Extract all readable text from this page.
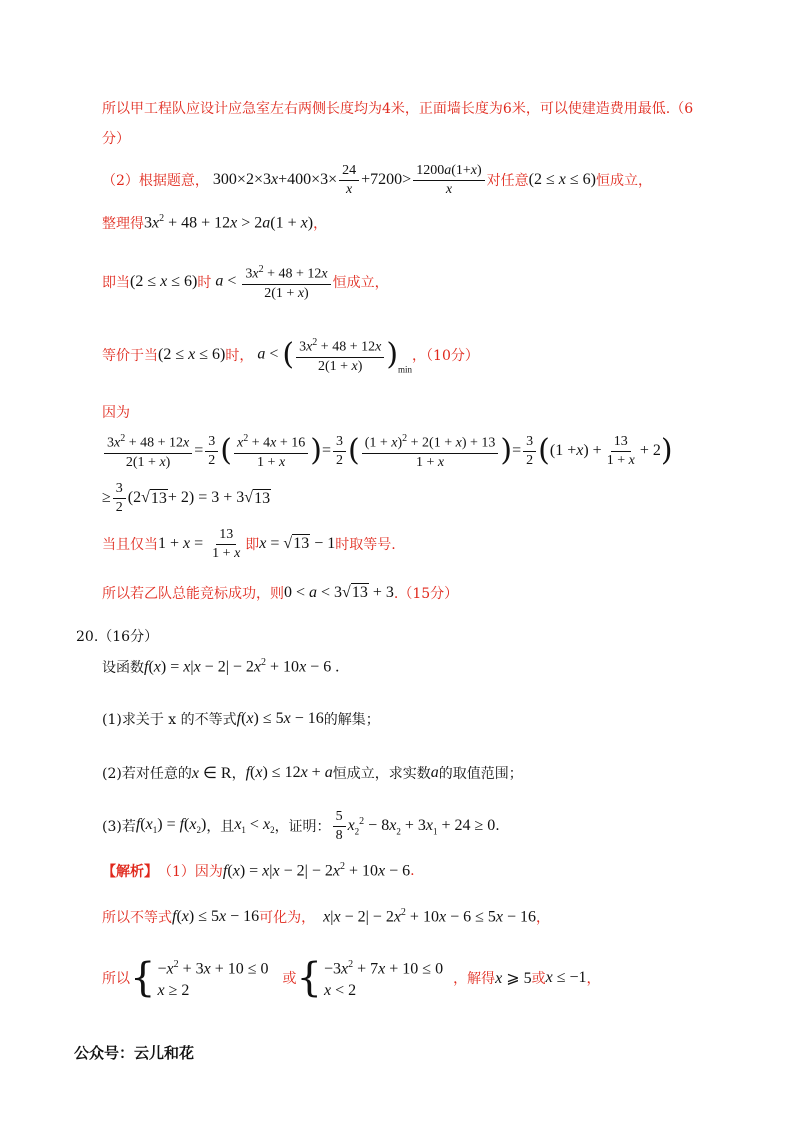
所以甲工程队应设计应急室左右两侧长度均为4米，正面墙长度为6米，可以使建造费用最低.（6
分）
（2）根据题意， $300\times 2\times 3x+400\times 3\times \frac{24}{x} +7200> \frac{1200a(1+x)}{x}$ 对任意 (2 ≤ x ≤ 6) 恒成立，
整理得 $3x^2 + 48 + 12x > 2a(1 + x)$ ，
即当 (2 ≤ x ≤ 6) 时 $a < \frac{3x^2 + 48 + 12x}{2(1 + x)}$ 恒成立，
等价于当 (2 ≤ x ≤ 6) 时， a < ( $\frac{3x^2 + 48 + 12x}{2(1 + x)} )_{min}$
，（10分）
因为
$\frac{3x^2 + 48 + 12x}{2(1 + x)} = \frac{3}{2}$ ( $\frac{x^2 + 4x + 16}{1 + x}$ ) = $\frac{3}{2}$ ( $\frac{(1 + x)^2 + 2(1 + x) + 13}{1 + x}$ ) = $\frac{3}{2}$ ( (1 + x ) + $\frac{13}{1 + x} + 2$ )
≥ $\frac{3}{2} (2√$ 13 + 2) = 3 + 3√ 13
当且仅当 $1 + x = \frac{13}{1 + x}$ 即 x = √13 − 1 时取等号.
所以若乙队总能竞标成功，则 0 < a < 3√13 + 3 .（15分）
20.（16分）
设函数 $f(x) = x|x - 2| - 2x^2 + 10x - 6$ .
(1)求关于 x 的不等式 f(x) ≤ 5x − 16 的解集；
(2)若对任意的 x ∈ R ， f(x) ≤ 12x + a 恒成立，求实数 a 的取值范围；
(3)若 $f(x_1) = f(x_2)$ ，且 $x_1 < x_2$ ，证明： $\frac{5}{8} x_2^2 - 8x_2 + 3x_1 + 24 \ge 0$ .
【解析】 （1）因为 $f(x) = x|x - 2| - 2x^2 + 10x - 6$ .
所以不等式 f(x) ≤ 5x − 16 可化为， $x|x - 2| - 2x^2 + 10x - 6 \le 5x - 16$ ，
所以 { $-x^2 + 3x + 10 \le 0$
x ≥ 2
或 { $-3x^2 + 7x + 10 \le 0$
x < 2
，解得 x ⩾ 5 或 x ≤ −1 ，
公众号：云儿和花
